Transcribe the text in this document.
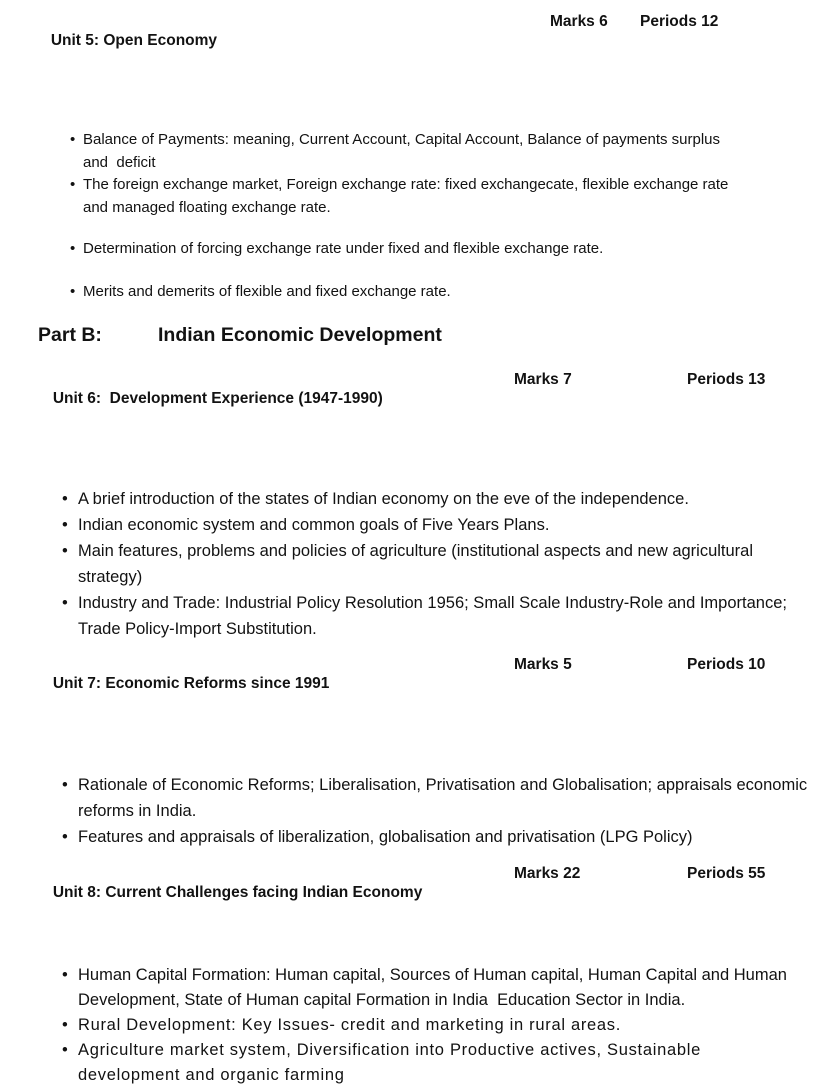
Unit 5: Open Economy

Marks 6

Periods 12

• Balance of Payments: meaning, Current Account, Capital Account, Balance of payments surplus and  deficit
• The foreign exchange market, Foreign exchange rate: fixed exchangecate, flexible exchange rate and managed floating exchange rate.
• Determination of forcing exchange rate under fixed and flexible exchange rate.
• Merits and demerits of flexible and fixed exchange rate.
Part B:	Indian Economic Development

Unit 6:  Development Experience (1947-1990)

Marks 7

	Periods 13

• A brief introduction of the states of Indian economy on the eve of the independence.
• Indian economic system and common goals of Five Years Plans.
• Main features, problems and policies of agriculture (institutional aspects and new agricultural strategy)
• Industry and Trade: Industrial Policy Resolution 1956; Small Scale Industry-Role and Importance; Trade Policy-Import Substitution.

Unit 7: Economic Reforms since 1991

Marks 5

	Periods 10

• Rationale of Economic Reforms; Liberalisation, Privatisation and Globalisation; appraisals economic reforms in India.
• Features and appraisals of liberalization, globalisation and privatisation (LPG Policy)

Unit 8: Current Challenges facing Indian Economy

Marks 22

	Periods 55

• Human Capital Formation: Human capital, Sources of Human capital, Human Capital and Human Development, State of Human capital Formation in India  Education Sector in India.
• Rural Development: Key Issues- credit and marketing in rural areas.
• Agriculture market system, Diversification into Productive actives, Sustainable development and organic farming
